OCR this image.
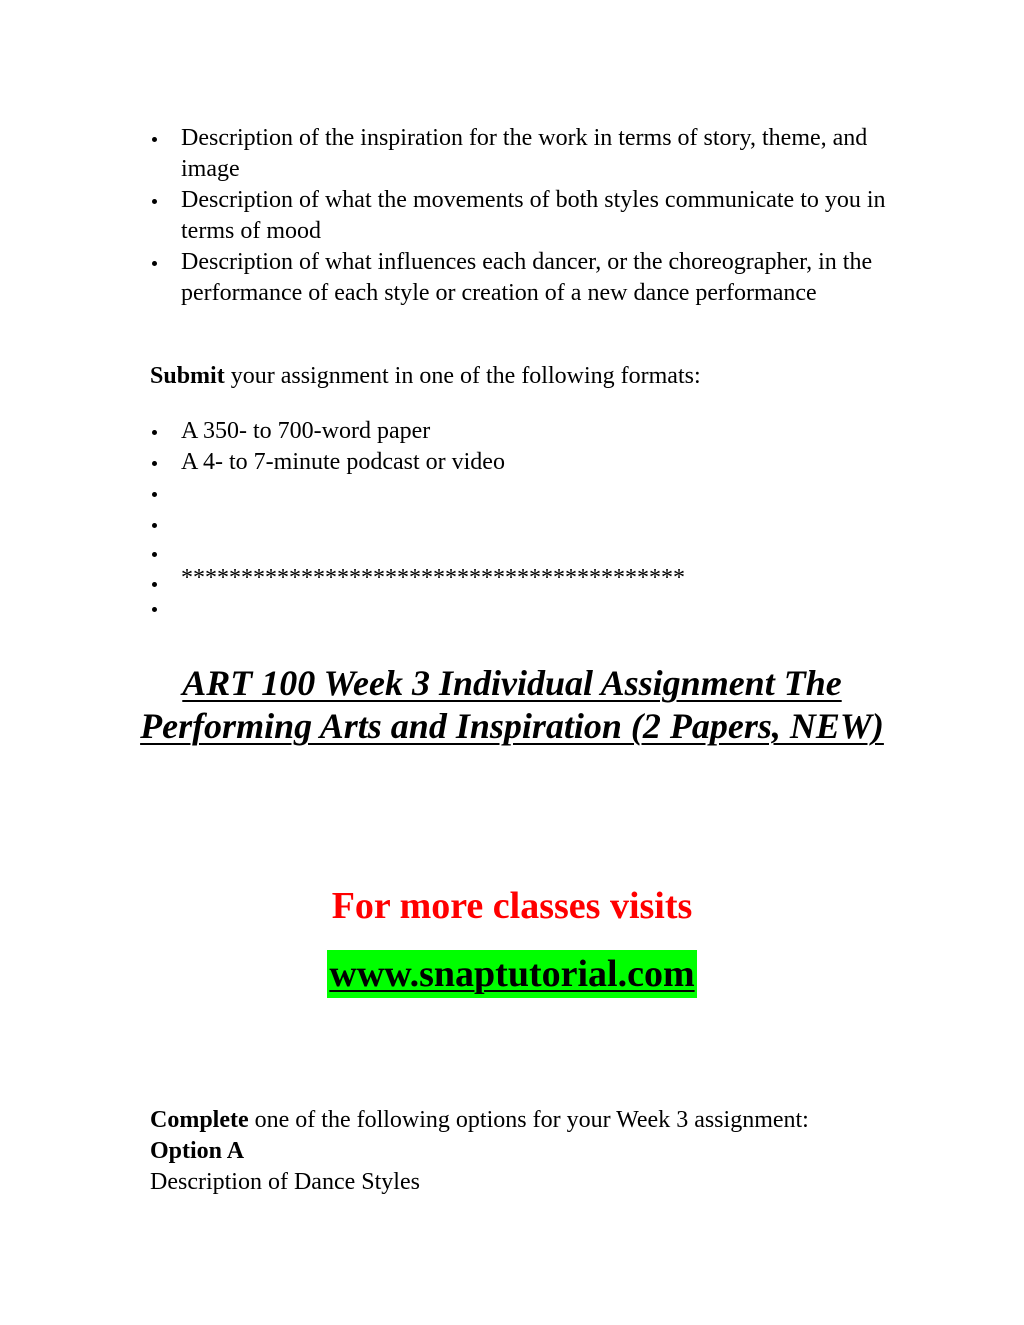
Description of the inspiration for the work in terms of story, theme, and image
Description of what the movements of both styles communicate to you in terms of mood
Description of what influences each dancer, or the choreographer, in the performance of each style or creation of a new dance performance

Submit your assignment in one of the following formats:

A 350- to 700-word paper
A 4- to 7-minute podcast or video
******************************************
ART 100 Week 3 Individual Assignment The Performing Arts and Inspiration (2 Papers, NEW)

For more classes visits

www.snaptutorial.com

Complete one of the following options for your Week 3 assignment:

Option A

Description of Dance Styles
